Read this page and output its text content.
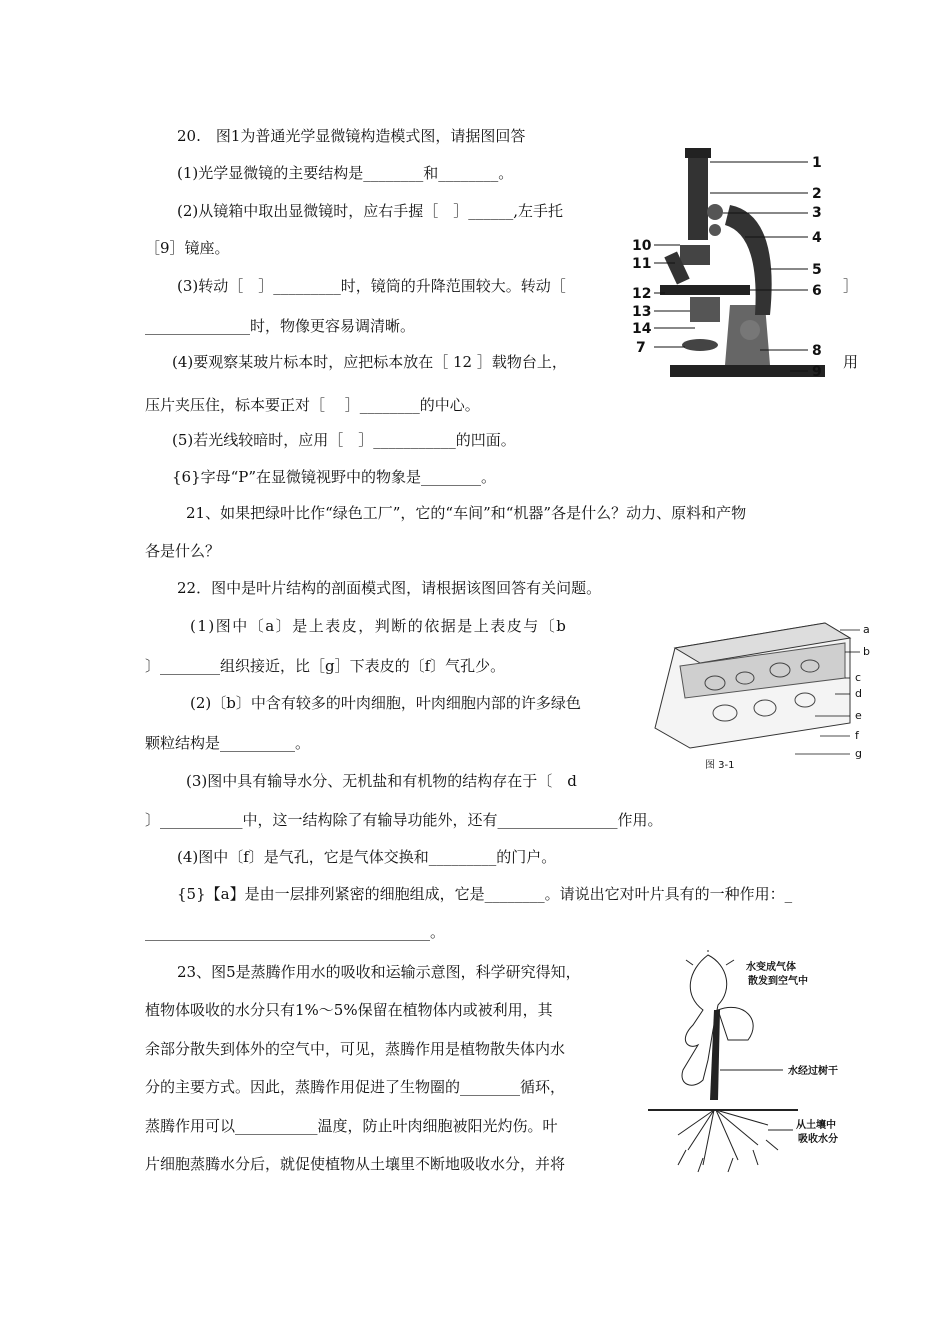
20.　图1为普通光学显微镜构造模式图，请据图回答
(1)光学显微镜的主要结构是________和________。
(2)从镜箱中取出显微镜时，应右手握［　］______,左手托
［9］镜座。
(3)转动［　］_________时，镜筒的升降范围较大。转动［	］
______________时，物像更容易调清晰。
(4)要观察某玻片标本时，应把标本放在［ 12 ］载物台上，	用
压片夹压住，标本要正对［　 ］________的中心。
(5)若光线较暗时，应用［　］___________的凹面。
{6}字母“P”在显微镜视野中的物象是________。
1
2
3
4
5
6
7	8
9
10
11
12
13
14
21、如果把绿叶比作“绿色工厂”，它的“车间”和“机器”各是什么？动力、原料和产物
各是什么？
22．图中是叶片结构的剖面模式图，请根据该图回答有关问题。
(1)图中〔a〕是上表皮，判断的依据是上表皮与〔b
〕________组织接近，比［g］下表皮的〔f〕气孔少。
(2)〔b〕中含有较多的叶肉细胞，叶肉细胞内部的许多绿色
颗粒结构是__________。
(3)图中具有输导水分、无机盐和有机物的结构存在于〔　d
〕___________中，这一结构除了有输导功能外，还有________________作用。
(4)图中〔f〕是气孔，它是气体交换和_________的门户。
{5}【a】是由一层排列紧密的细胞组成，它是________。请说出它对叶片具有的一种作用：_
______________________________________。
a
b
c
d
e
f
g
图 3-1
23、图5是蒸腾作用水的吸收和运输示意图，科学研究得知，
植物体吸收的水分只有1%～5%保留在植物体内或被利用，其
余部分散失到体外的空气中，可见，蒸腾作用是植物散失体内水
分的主要方式。因此，蒸腾作用促进了生物圈的________循环，
蒸腾作用可以___________温度，防止叶肉细胞被阳光灼伤。叶
片细胞蒸腾水分后，就促使植物从土壤里不断地吸收水分，并将
水变成气体
散发到空气中
水经过树干
从土壤中
吸收水分
